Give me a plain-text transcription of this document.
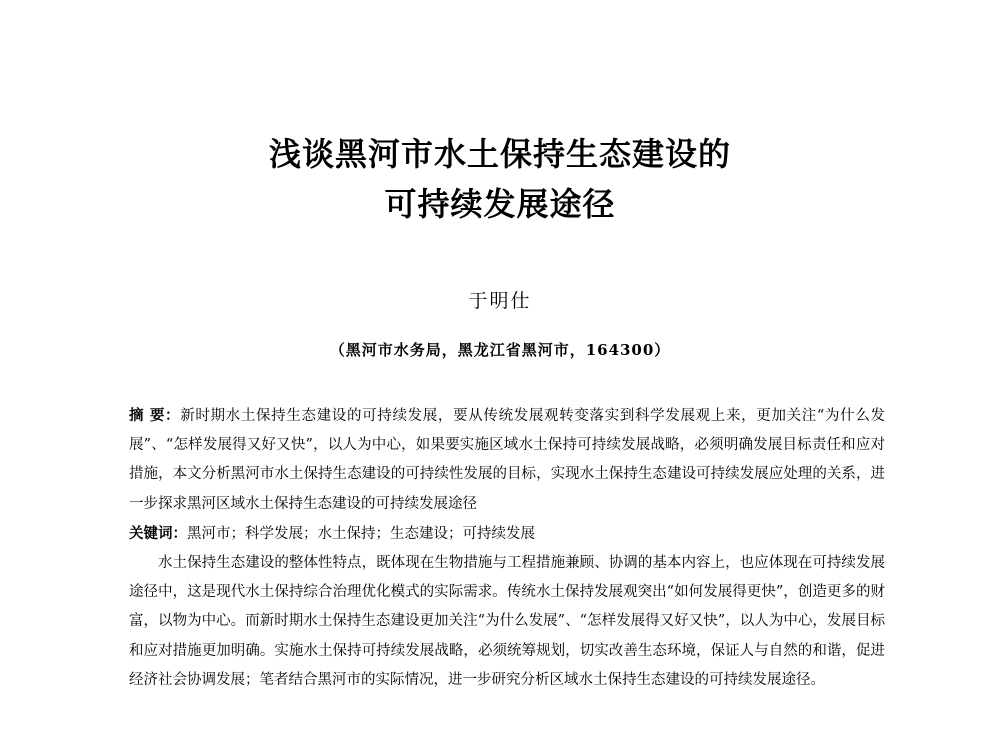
浅谈黑河市水土保持生态建设的
可持续发展途径
于明仕
（黑河市水务局，黑龙江省黑河市，164300）

摘 要：新时期水土保持生态建设的可持续发展，要从传统发展观转变落实到科学发展观上来，更加关注“为什么发展”、“怎样发展得又好又快”，以人为中心，如果要实施区域水土保持可持续发展战略，必须明确发展目标责任和应对措施，本文分析黑河市水土保持生态建设的可持续性发展的目标，实现水土保持生态建设可持续发展应处理的关系，进一步探求黑河区域水土保持生态建设的可持续发展途径

关键词：黑河市；科学发展；水土保持；生态建设；可持续发展

水土保持生态建设的整体性特点，既体现在生物措施与工程措施兼顾、协调的基本内容上，也应体现在可持续发展途径中，这是现代水土保持综合治理优化模式的实际需求。传统水土保持发展观突出“如何发展得更快”，创造更多的财富，以物为中心。而新时期水土保持生态建设更加关注“为什么发展”、“怎样发展得又好又快”，以人为中心，发展目标和应对措施更加明确。实施水土保持可持续发展战略，必须统筹规划，切实改善生态环境，保证人与自然的和谐，促进经济社会协调发展；笔者结合黑河市的实际情况，进一步研究分析区域水土保持生态建设的可持续发展途径。
